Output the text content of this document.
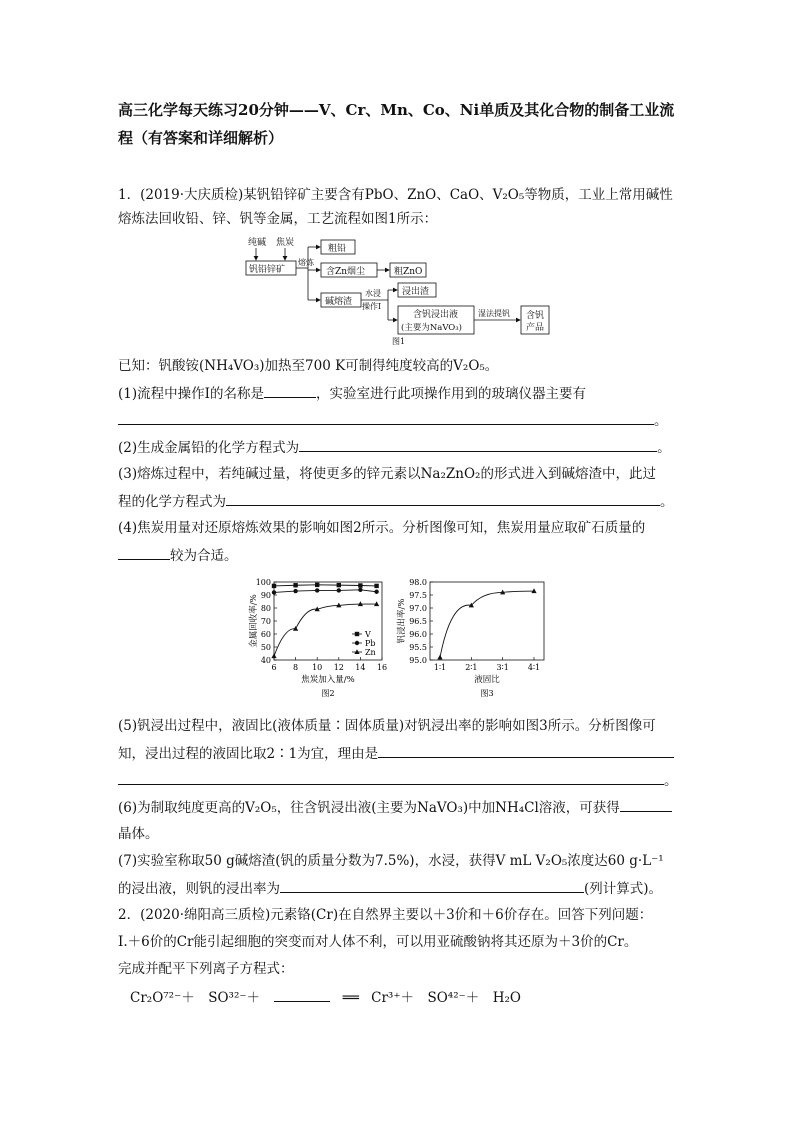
高三化学每天练习20分钟——V、Cr、Mn、Co、Ni单质及其化合物的制备工业流程（有答案和详细解析）
1．(2019·大庆质检)某钒铅锌矿主要含有PbO、ZnO、CaO、V₂O₅等物质，工业上常用碱性
熔炼法回收铅、锌、钒等金属，工艺流程如图1所示：
纯碱 焦炭
钒铅锌矿
熔炼
粗铅
含Zn烟尘	粗ZnO
碱熔渣
水浸
操作Ⅰ
浸出渣
含钒浸出液
(主要为NaVO₃)
湿法提钒 含钒
产品
图1
已知：钒酸铵(NH₄VO₃)加热至700 K可制得纯度较高的V₂O₅。
(1)流程中操作Ⅰ的名称是	，实验室进行此项操作用到的玻璃仪器主要有
。
(2)生成金属铅的化学方程式为	。
(3)熔炼过程中，若纯碱过量，将使更多的锌元素以Na₂ZnO₂的形式进入到碱熔渣中，此过
程的化学方程式为	。
(4)焦炭用量对还原熔炼效果的影响如图2所示。分析图像可知，焦炭用量应取矿石质量的
较为合适。
40
50
60
70
80
90
100
6 8 10 12 14 16
焦炭加入量/%
金属回收率/%	V
Pb
Zn
图2
95.0
95.5
96.0
96.5
97.0
97.5
98.0
1∶1 2∶1 3∶1 4∶1
液固比
钒浸出率/%
图3
(5)钒浸出过程中，液固比(液体质量∶固体质量)对钒浸出率的影响如图3所示。分析图像可
知，浸出过程的液固比取2∶1为宜，理由是
。
(6)为制取纯度更高的V₂O₅，往含钒浸出液(主要为NaVO₃)中加NH₄Cl溶液，可获得
晶体。
(7)实验室称取50 g碱熔渣(钒的质量分数为7.5%)，水浸，获得V mL V₂O₅浓度达60 g·L⁻¹
的浸出液，则钒的浸出率为	(列计算式)。
2．(2020·绵阳高三质检)元素铬(Cr)在自然界主要以＋3价和＋6价存在。回答下列问题：
Ⅰ.＋6价的Cr能引起细胞的突变而对人体不利，可以用亚硫酸钠将其还原为＋3价的Cr。
完成并配平下列离子方程式：
Cr₂O⁷²⁻＋　SO³²⁻＋	══ Cr³⁺＋　SO⁴²⁻＋　H₂O
